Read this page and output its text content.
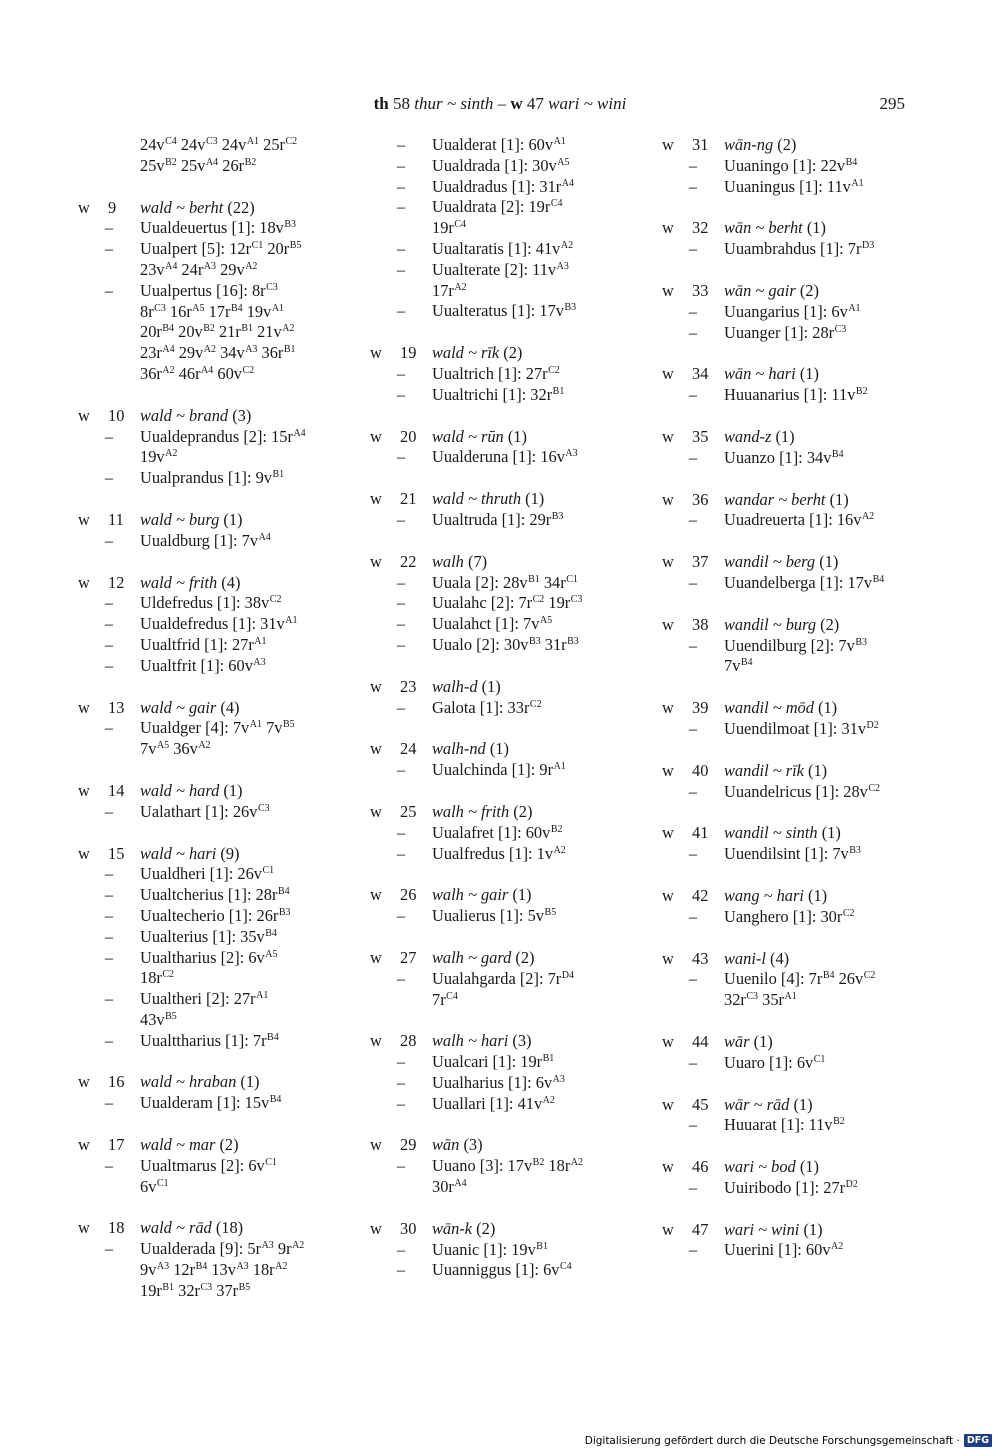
th 58 thur ~ sinth – w 47 wari ~ wini	295
$24v^{C4}$ $24v^{C3}$ $24v^{A1}$ $25r^{C2}$
$25v^{B2}$ $25v^{A4}$ $26r^{B2}$
w	9	wald ~ berht (22)
–	Uualdeuertus [1]: $18v^{B3}$
–	Uualpert [5]: $12r^{C1}$ $20r^{B5}$
$23v^{A4}$ $24r^{A3}$ $29v^{A2}$
–	Uualpertus [16]: $8r^{C3}$
$8r^{C3}$ $16r^{A5}$ $17r^{B4}$ $19v^{A1}$
$20r^{B4}$ $20v^{B2}$ $21r^{B1}$ $21v^{A2}$
$23r^{A4}$ $29v^{A2}$ $34v^{A3}$ $36r^{B1}$
$36r^{A2}$ $46r^{A4}$ $60v^{C2}$
w	10 wald ~ brand (3)
–	Uualdeprandus [2]: $15r^{A4}$
$19v^{A2}$
–	Uualprandus [1]: $9v^{B1}$
w	11 wald ~ burg (1)
–	Uualdburg [1]: $7v^{A4}$
w	12 wald ~ frith (4)
–	Uldefredus [1]: $38v^{C2}$
–	Uualdefredus [1]: $31v^{A1}$
–	Uualtfrid [1]: $27r^{A1}$
–	Uualtfrit [1]: $60v^{A3}$
w	13 wald ~ gair (4)
–	Uualdger [4]: $7v^{A1}$ $7v^{B5}$
$7v^{A5}$ $36v^{A2}$
w	14 wald ~ hard (1)
–	Ualathart [1]: $26v^{C3}$
w	15 wald ~ hari (9)
–	Uualdheri [1]: $26v^{C1}$
–	Uualtcherius [1]: $28r^{B4}$
–	Uualtecherio [1]: $26r^{B3}$
–	Uualterius [1]: $35v^{B4}$
–	Uualtharius [2]: $6v^{A5}$
$18r^{C2}$
–	Uualtheri [2]: $27r^{A1}$
$43v^{B5}$
–	Uualttharius [1]: $7r^{B4}$
w	16 wald ~ hraban (1)
–	Uualderam [1]: $15v^{B4}$
w	17 wald ~ mar (2)
–	Uualtmarus [2]: $6v^{C1}$
$6v^{C1}$
w	18 wald ~ rād (18)
–	Uualderada [9]: $5r^{A3}$ $9r^{A2}$
$9v^{A3}$ $12r^{B4}$ $13v^{A3}$ $18r^{A2}$
$19r^{B1}$ $32r^{C3}$ $37r^{B5}$
–	Uualderat [1]: $60v^{A1}$
–	Uualdrada [1]: $30v^{A5}$
–	Uualdradus [1]: $31r^{A4}$
–	Uualdrata [2]: $19r^{C4}$
$19r^{C4}$
–	Uualtaratis [1]: $41v^{A2}$
–	Uualterate [2]: $11v^{A3}$
$17r^{A2}$
–	Uualteratus [1]: $17v^{B3}$
w	19 wald ~ rīk (2)
–	Uualtrich [1]: $27r^{C2}$
–	Uualtrichi [1]: $32r^{B1}$
w	20 wald ~ rūn (1)
–	Uualderuna [1]: $16v^{A3}$
w	21 wald ~ thruth (1)
–	Uualtruda [1]: $29r^{B3}$
w	22 walh (7)
–	Uuala [2]: $28v^{B1}$ $34r^{C1}$
–	Uualahc [2]: $7r^{C2}$ $19r^{C3}$
–	Uualahct [1]: $7v^{A5}$
–	Uualo [2]: $30v^{B3}$ $31r^{B3}$
w	23 walh-d (1)
–	Galota [1]: $33r^{C2}$
w	24 walh-nd (1)
–	Uualchinda [1]: $9r^{A1}$
w	25 walh ~ frith (2)
–	Uualafret [1]: $60v^{B2}$
–	Uualfredus [1]: $1v^{A2}$
w	26 walh ~ gair (1)
–	Uualierus [1]: $5v^{B5}$
w	27 walh ~ gard (2)
–	Uualahgarda [2]: $7r^{D4}$
$7r^{C4}$
w	28 walh ~ hari (3)
–	Uualcari [1]: $19r^{B1}$
–	Uualharius [1]: $6v^{A3}$
–	Uuallari [1]: $41v^{A2}$
w	29 wān (3)
–	Uuano [3]: $17v^{B2}$ $18r^{A2}$
$30r^{A4}$
w	30 wān-k (2)
–	Uuanic [1]: $19v^{B1}$
–	Uuanniggus [1]: $6v^{C4}$
w	31 wān-ng (2)
–	Uuaningo [1]: $22v^{B4}$
–	Uuaningus [1]: $11v^{A1}$
w	32 wān ~ berht (1)
–	Uuambrahdus [1]: $7r^{D3}$
w	33 wān ~ gair (2)
–	Uuangarius [1]: $6v^{A1}$
–	Uuanger [1]: $28r^{C3}$
w	34 wān ~ hari (1)
–	Huuanarius [1]: $11v^{B2}$
w	35 wand-z (1)
–	Uuanzo [1]: $34v^{B4}$
w	36 wandar ~ berht (1)
–	Uuadreuerta [1]: $16v^{A2}$
w	37 wandil ~ berg (1)
–	Uuandelberga [1]: $17v^{B4}$
w	38 wandil ~ burg (2)
–	Uuendilburg [2]: $7v^{B3}$
$7v^{B4}$
w	39 wandil ~ mōd (1)
–	Uuendilmoat [1]: $31v^{D2}$
w	40 wandil ~ rīk (1)
–	Uuandelricus [1]: $28v^{C2}$
w	41 wandil ~ sinth (1)
–	Uuendilsint [1]: $7v^{B3}$
w	42 wang ~ hari (1)
–	Uanghero [1]: $30r^{C2}$
w	43 wani-l (4)
–	Uuenilo [4]: $7r^{B4}$ $26v^{C2}$
$32r^{C3}$ $35r^{A1}$
w	44 wār (1)
–	Uuaro [1]: $6v^{C1}$
w	45 wār ~ rād (1)
–	Huuarat [1]: $11v^{B2}$
w	46 wari ~ bod (1)
–	Uuiribodo [1]: $27r^{D2}$
w	47 wari ~ wini (1)
–	Uuerini [1]: $60v^{A2}$
Digitalisierung gefördert durch die Deutsche Forschungsgemeinschaft · DFG
